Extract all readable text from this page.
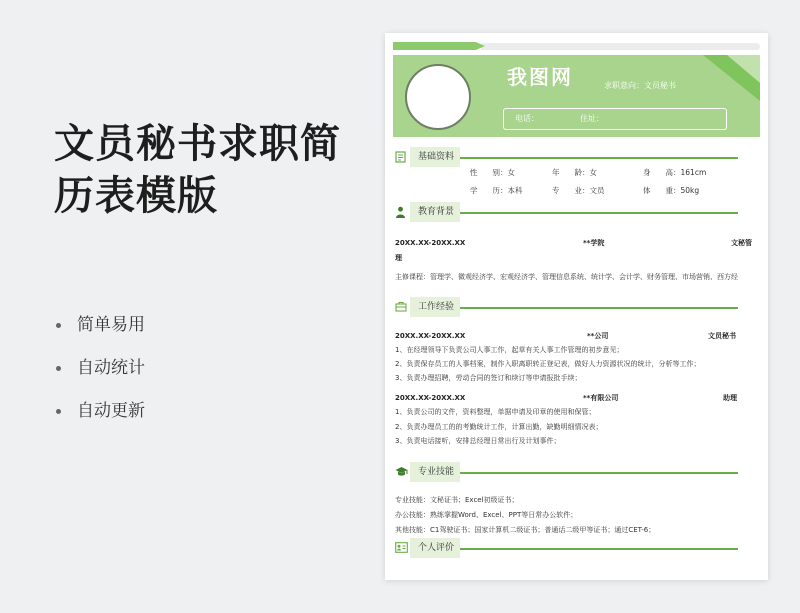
文员秘书求职简
历表模版
简单易用
自动统计
自动更新
我图网	求职意向：文员秘书
电话：	住址：
基础资料
性　　别：女	年　　龄：女	身　　高：161cm
学　　历：本科	专　　业：文员	体　　重：50kg
教育背景
20XX.XX-20XX.XX	**学院	文秘管理
主修课程：管理学、微观经济学、宏观经济学、管理信息系统、统计学、会计学、财务管理、市场营销、西方经
工作经验
20XX.XX-20XX.XX	**公司	文员秘书
1、在经理领导下负责公司人事工作，起草有关人事工作管理的初步意见；
2、负责保存员工的人事档案，制作入职离职转正登记表，做好人力资源状况的统计，分析等工作；
3、负责办理招聘，劳动合同的签订和续订等申请报批手续；
20XX.XX-20XX.XX	**有限公司	助理
1、负责公司的文件，资料整理，单据申请及印章的使用和保管；
2、负责办理员工的的考勤统计工作，计算出勤，缺勤明细情况表；
3、负责电话接听，安排总经理日常出行及计划事件；
专业技能
专业技能：文秘证书；Excel初级证书；
办公技能：熟练掌握Word、Excel、PPT等日常办公软件；
其他技能：C1驾驶证书；国家计算机二级证书；普通话二级甲等证书；通过CET-6；
个人评价
